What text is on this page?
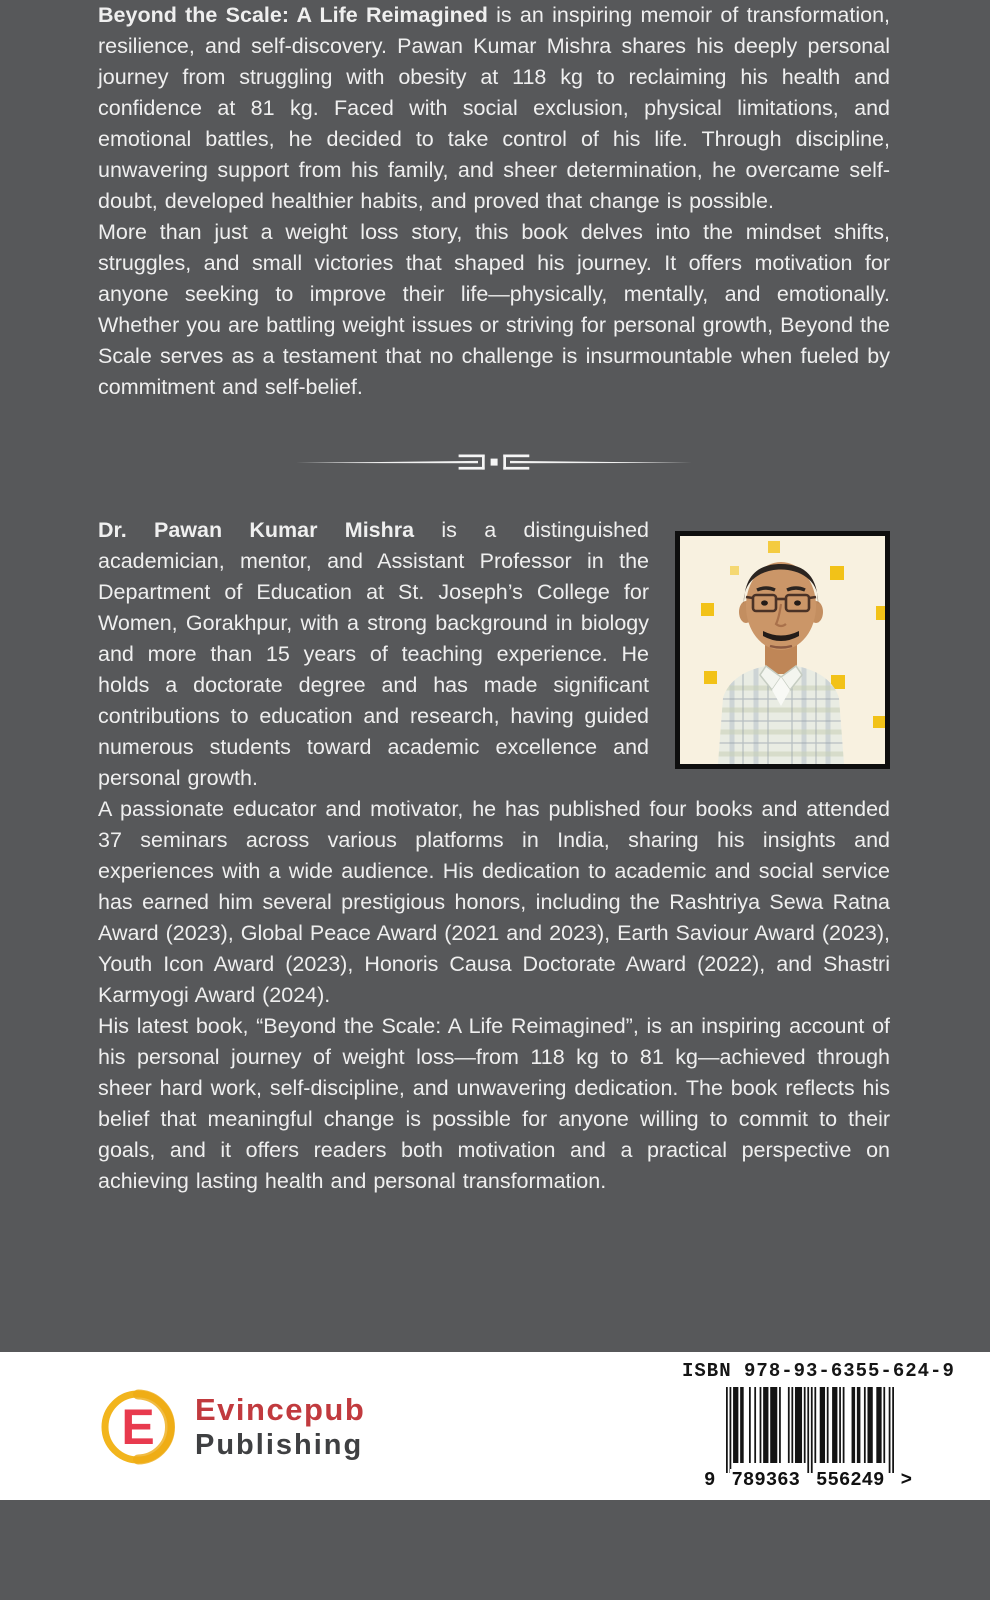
Beyond the Scale: A Life Reimagined is an inspiring memoir of transformation, resilience, and self-discovery. Pawan Kumar Mishra shares his deeply personal journey from struggling with obesity at 118 kg to reclaiming his health and confidence at 81 kg. Faced with social exclusion, physical limitations, and emotional battles, he decided to take control of his life. Through discipline, unwavering support from his family, and sheer determination, he overcame self-doubt, developed healthier habits, and proved that change is possible.

More than just a weight loss story, this book delves into the mindset shifts, struggles, and small victories that shaped his journey. It offers motivation for anyone seeking to improve their life—physically, mentally, and emotionally. Whether you are battling weight issues or striving for personal growth, Beyond the Scale serves as a testament that no challenge is insurmountable when fueled by commitment and self-belief.

Dr. Pawan Kumar Mishra is a distinguished academician, mentor, and Assistant Professor in the Department of Education at St. Joseph’s College for Women, Gorakhpur, with a strong background in biology and more than 15 years of teaching experience. He holds a doctorate degree and has made significant contributions to education and research, having guided numerous students toward academic excellence and personal growth.

A passionate educator and motivator, he has published four books and attended 37 seminars across various platforms in India, sharing his insights and experiences with a wide audience. His dedication to academic and social service has earned him several prestigious honors, including the Rashtriya Sewa Ratna Award (2023), Global Peace Award (2021 and 2023), Earth Saviour Award (2023), Youth Icon Award (2023), Honoris Causa Doctorate Award (2022), and Shastri Karmyogi Award (2024).

His latest book, “Beyond the Scale: A Life Reimagined”, is an inspiring account of his personal journey of weight loss—from 118 kg to 81 kg—achieved through sheer hard work, self-discipline, and unwavering dedication. The book reflects his belief that meaningful change is possible for anyone willing to commit to their goals, and it offers readers both motivation and a practical perspective on achieving lasting health and personal transformation.

E Evincepub
Publishing
ISBN 978-93-6355-624-9
9 789363 556249 >
